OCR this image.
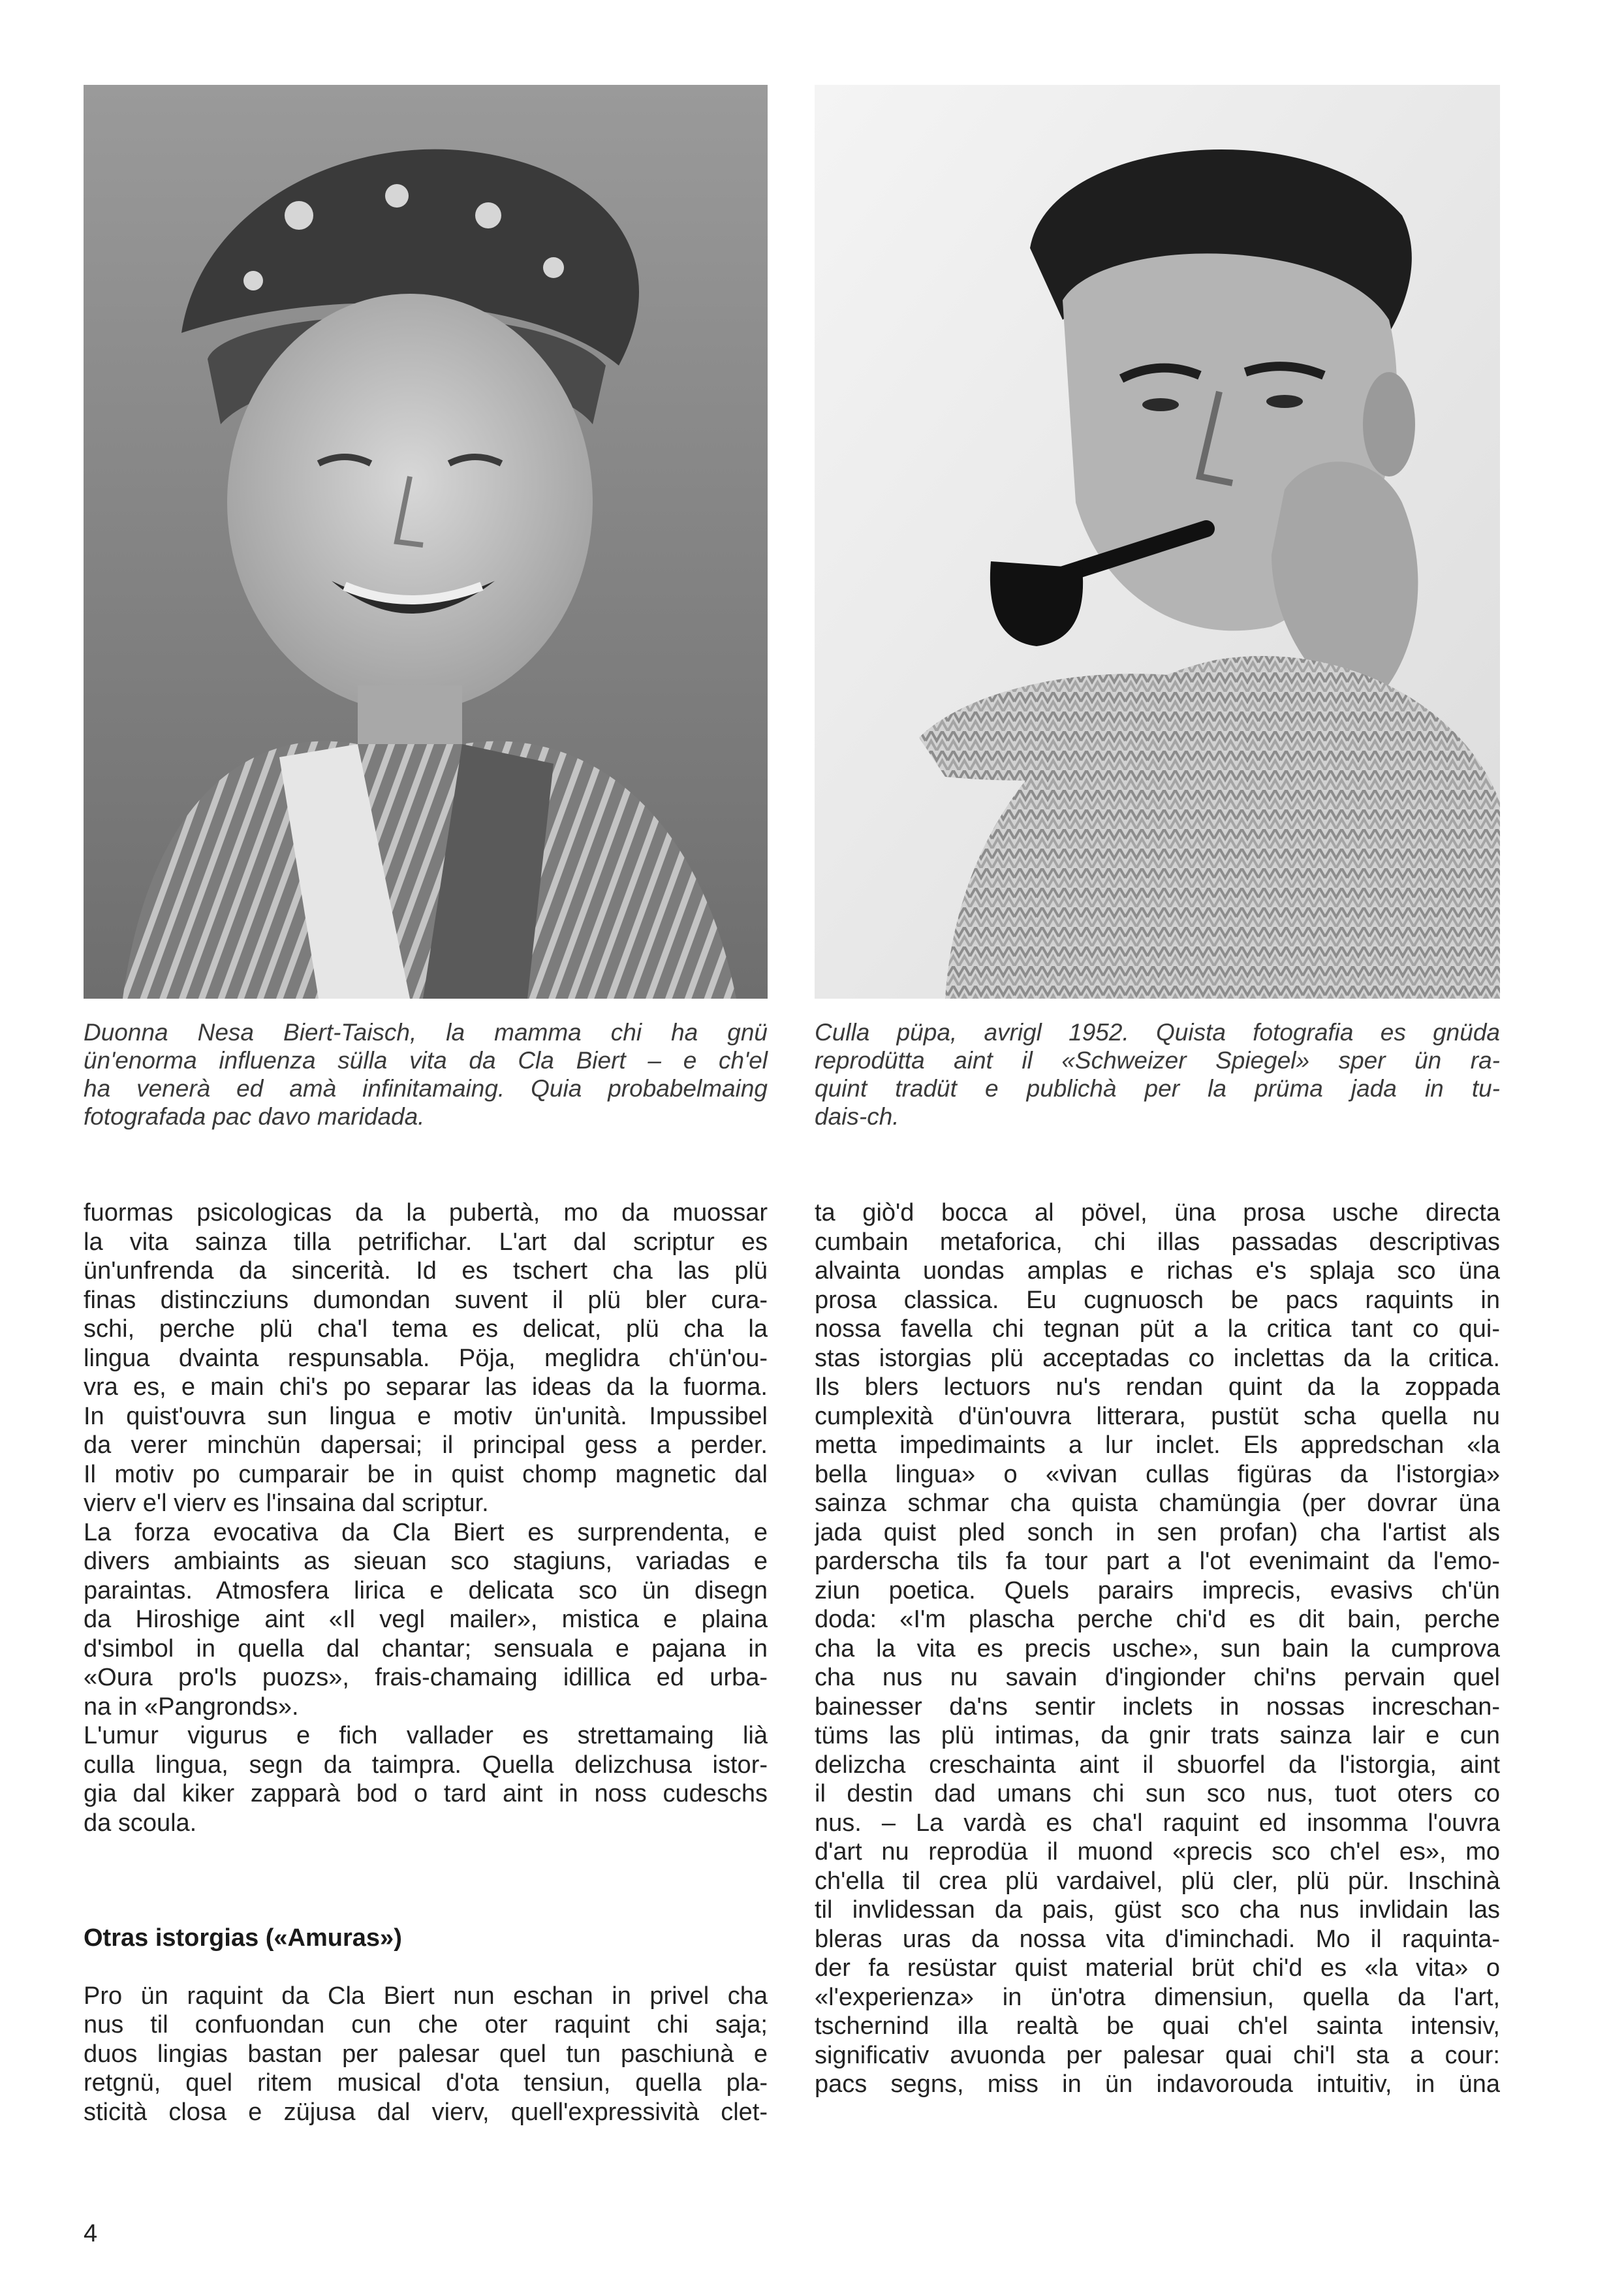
Duonna Nesa Biert-Taisch, la mamma chi ha gnü
ün'enorma influenza süllа vita da Cla Biert – e ch'el
ha venerà ed amà infinitamaing. Quia probabelmaing
fotografada pac davo maridada.
Culla püpa, avrigl 1952. Quista fotografia es gnüda
reprodütta aint il «Schweizer Spiegel» sper ün ra-
quint tradüt e publichà per la prüma jada in tu-
dais-ch.
fuormas psicologicas da la pubertà, mo da muossar
la vita sainza tilla petrifichar. L'art dal scriptur es
ün'unfrenda da sincerità. Id es tschert cha las plü
finas distincziuns dumondan suvent il plü bler cura-
schi, perche plü cha'l tema es delicat, plü cha la
lingua dvainta respunsabla. Pöja, meglidra ch'ün'ou-
vra es, e main chi's po separar las ideas da la fuorma.
In quist'ouvra sun lingua e motiv ün'unità. Impussibel
da verer minchün dapersai; il principal gess a perder.
Il motiv po cumparair be in quist chomp magnetic dal
vierv e'l vierv es l'insaina dal scriptur.
La forza evocativa da Cla Biert es surprendenta, e
divers ambiaints as sieuan sco stagiuns, variadas e
paraintas. Atmosfera lirica e delicata sco ün disegn
da Hiroshige aint «Il vegl mailer», mistica e plaina
d'simbol in quella dal chantar; sensuala e pajana in
«Oura pro'ls puozs», frais-chamaing idillica ed urba-
na in «Pangronds».
L'umur vigurus e fich vallader es strettamaing lià
culla lingua, segn da taimpra. Quella delizchusa istor-
gia dal kiker zapparà bod o tard aint in noss cudeschs
da scoula.
Otras istorgias («Amuras»)
Pro ün raquint da Cla Biert nun eschan in privel cha
nus til confuondan cun che oter raquint chi saja;
duos lingias bastan per palesar quel tun paschiunà e
retgnü, quel ritem musical d'ota tensiun, quella pla-
sticità closa e züjusa dal vierv, quell'expressività clet-
ta giò'd bocca al pövel, üna prosa usche directa
cumbain metaforica, chi illas passadas descriptivas
alvainta uondas amplas e richas e's splaja sco üna
prosa classica. Eu cugnuosch be pacs raquints in
nossa favella chi tegnan püt a la critica tant co qui-
stas istorgias plü acceptadas co inclettas da la critica.
Ils blers lectuors nu's rendan quint da la zoppada
cumplexità d'ün'ouvra litterara, pustüt scha quella nu
metta impedimaints a lur inclet. Els appredschan «la
bella lingua» o «vivan cullas figüras da l'istorgia»
sainza schmar cha quista chamüngia (per dovrar üna
jada quist pled sonch in sen profan) cha l'artist als
parderscha tils fa tour part a l'ot evenimaint da l'emo-
ziun poetica. Quels parairs imprecis, evasivs ch'ün
doda: «I'm plascha perche chi'd es dit bain, perche
cha la vita es precis usche», sun bain la cumprova
cha nus nu savain d'ingionder chi'ns pervain quel
bainesser da'ns sentir inclets in nossas increschan-
tüms las plü intimas, da gnir trats sainza lair e cun
delizcha creschainta aint il sbuorfel da l'istorgia, aint
il destin dad umans chi sun sco nus, tuot oters co
nus. – La vardà es cha'l raquint ed insomma l'ouvra
d'art nu reprodüa il muond «precis sco ch'el es», mo
ch'ella til crea plü vardaivel, plü cler, plü pür. Inschinà
til invlidessan da pais, güst sco cha nus invlidain las
bleras uras da nossa vita d'iminchadi. Mo il raquinta-
der fa resüstar quist material brüt chi'd es «la vita» o
«l'experienza» in ün'otra dimensiun, quella da l'art,
tschernind illa realtà be quai ch'el sainta intensiv,
significativ avuonda per palesar quai chi'l sta a cour:
pacs segns, miss in ün indavorouda intuitiv, in üna
4
